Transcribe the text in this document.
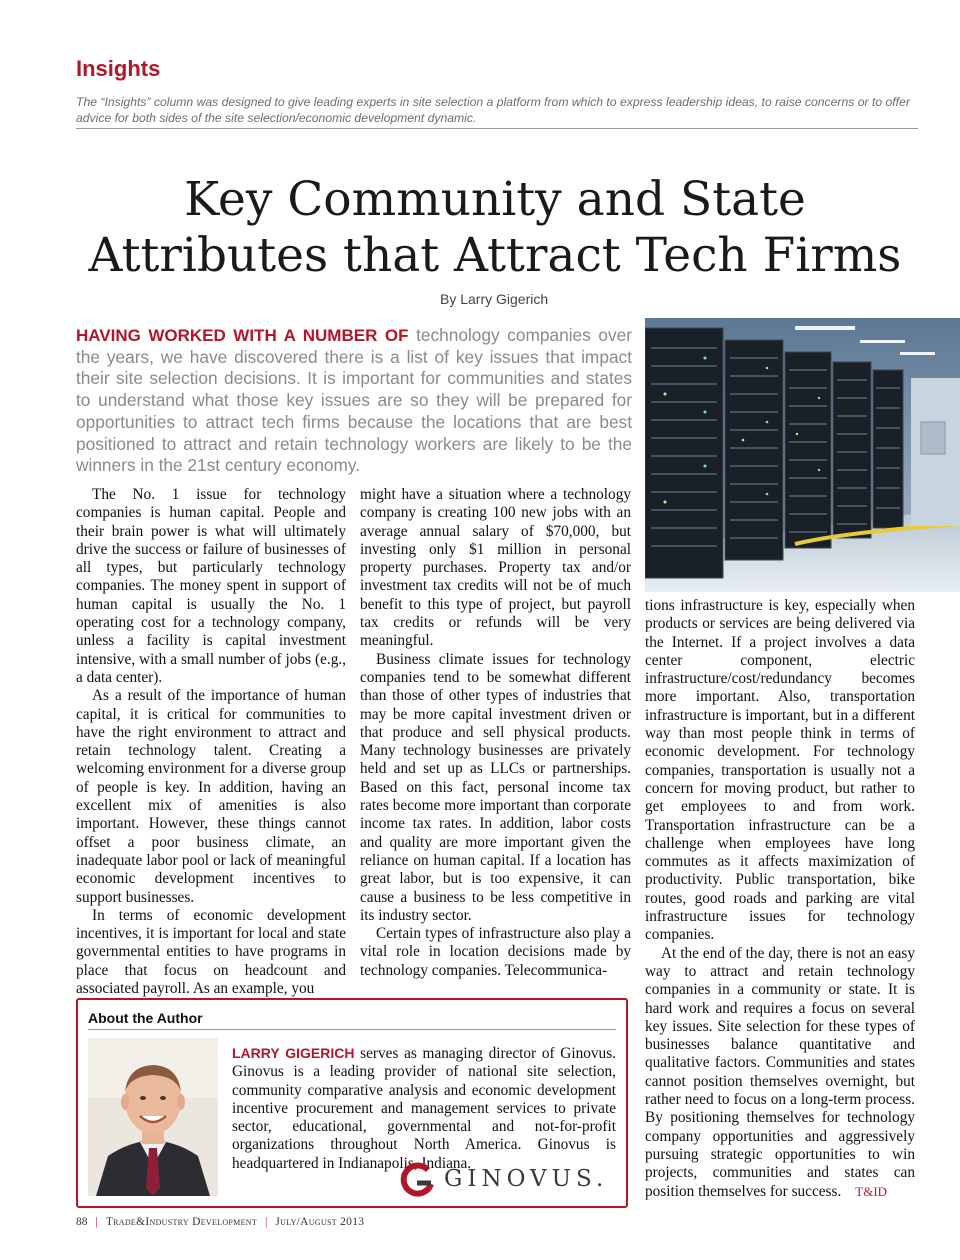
Insights
The “Insights” column was designed to give leading experts in site selection a platform from which to express leadership ideas, to raise concerns or to offer advice for both sides of the site selection/economic development dynamic.
Key Community and State
Attributes that Attract Tech Firms
By Larry Gigerich
HAVING WORKED WITH A NUMBER OF technology companies over the years, we have discovered there is a list of key issues that impact their site selection decisions. It is important for communities and states to understand what those key issues are so they will be prepared for opportunities to attract tech firms because the locations that are best positioned to attract and retain technology workers are likely to be the winners in the 21st century economy.

The No. 1 issue for technology companies is human capital. People and their brain power is what will ultimately drive the success or failure of businesses of all types, but particularly technology companies. The money spent in support of human capital is usually the No. 1 operating cost for a technology company, unless a facility is capital investment intensive, with a small number of jobs (e.g., a data center).

As a result of the importance of human capital, it is critical for communities to have the right environment to attract and retain technology talent. Creating a welcoming environment for a diverse group of people is key. In addition, having an excellent mix of amenities is also important. However, these things cannot offset a poor business climate, an inadequate labor pool or lack of meaningful economic development incentives to support businesses.

In terms of economic development incentives, it is important for local and state governmental entities to have programs in place that focus on headcount and associated payroll. As an example, you

might have a situation where a technology company is creating 100 new jobs with an average annual salary of $70,000, but investing only $1 million in personal property purchases. Property tax and/or investment tax credits will not be of much benefit to this type of project, but payroll tax credits or refunds will be very meaningful.

Business climate issues for technology companies tend to be somewhat different than those of other types of industries that may be more capital investment driven or that produce and sell physical products. Many technology businesses are privately held and set up as LLCs or partnerships. Based on this fact, personal income tax rates become more important than corporate income tax rates. In addition, labor costs and quality are more important given the reliance on human capital. If a location has great labor, but is too expensive, it can cause a business to be less competitive in its industry sector.

Certain types of infrastructure also play a vital role in location decisions made by technology companies. Telecommunica-

tions infrastructure is key, especially when products or services are being delivered via the Internet. If a project involves a data center component, electric infrastructure/cost/redundancy becomes more important. Also, transportation infrastructure is important, but in a different way than most people think in terms of economic development. For technology companies, transportation is usually not a concern for moving product, but rather to get employees to and from work. Transportation infrastructure can be a challenge when employees have long commutes as it affects maximization of productivity. Public transportation, bike routes, good roads and parking are vital infrastructure issues for technology companies.

At the end of the day, there is not an easy way to attract and retain technology companies in a community or state. It is hard work and requires a focus on several key issues. Site selection for these types of businesses balance quantitative and qualitative factors. Communities and states cannot position themselves overnight, but rather need to focus on a long-term process. By positioning themselves for technology company opportunities and aggressively pursuing strategic opportunities to win projects, communities and states can position themselves for success. T&ID

About the Author
LARRY GIGERICH serves as managing director of Ginovus. Ginovus is a leading provider of national site selection, community comparative analysis and economic development incentive procurement and management services to private sector, educational, governmental and not-for-profit organizations throughout North America. Ginovus is headquartered in Indianapolis, Indiana.
GINOVUS.
88 | Trade&Industry Development | July/August 2013
